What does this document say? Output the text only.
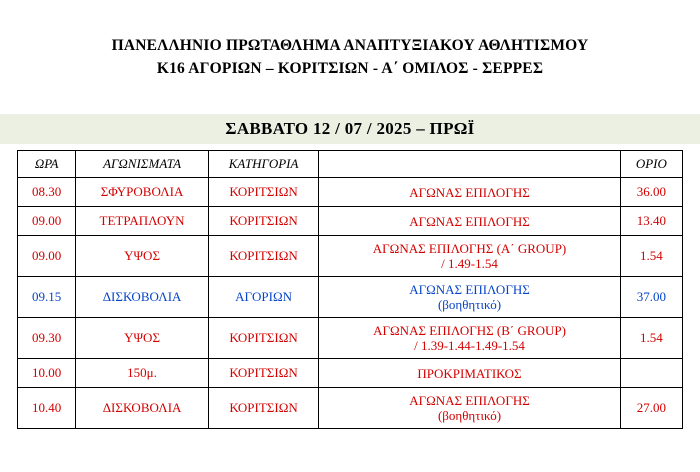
ΠΑΝΕΛΛΗΝΙΟ ΠΡΩΤΑΘΛΗΜΑ ΑΝΑΠΤΥΞΙΑΚΟΥ ΑΘΛΗΤΙΣΜΟΥ
Κ16 ΑΓΟΡΙΩΝ – ΚΟΡΙΤΣΙΩΝ - Α΄ ΟΜΙΛΟΣ - ΣΕΡΡΕΣ
ΣΑΒΒΑΤΟ 12 / 07 / 2025 – ΠΡΩΪ
ΩΡΑ	ΑΓΩΝΙΣΜΑΤΑ	ΚΑΤΗΓΟΡΙΑ		ΟΡΙΟ
08.30	ΣΦΥΡΟΒΟΛΙΑ	ΚΟΡΙΤΣΙΩΝ	ΑΓΩΝΑΣ ΕΠΙΛΟΓΗΣ	36.00
09.00	ΤΕΤΡΑΠΛΟΥΝ	ΚΟΡΙΤΣΙΩΝ	ΑΓΩΝΑΣ ΕΠΙΛΟΓΗΣ	13.40
09.00	ΥΨΟΣ	ΚΟΡΙΤΣΙΩΝ	ΑΓΩΝΑΣ ΕΠΙΛΟΓΗΣ (Α΄ GROUP)
/ 1.49-1.54	1.54
09.15	ΔΙΣΚΟΒΟΛΙΑ	ΑΓΟΡΙΩΝ	ΑΓΩΝΑΣ ΕΠΙΛΟΓΗΣ
(βοηθητικό)	37.00
09.30	ΥΨΟΣ	ΚΟΡΙΤΣΙΩΝ	ΑΓΩΝΑΣ ΕΠΙΛΟΓΗΣ (Β΄ GROUP)
/ 1.39-1.44-1.49-1.54	1.54
10.00	150μ.	ΚΟΡΙΤΣΙΩΝ	ΠΡΟΚΡΙΜΑΤΙΚΟΣ	

10.40	ΔΙΣΚΟΒΟΛΙΑ	ΚΟΡΙΤΣΙΩΝ	ΑΓΩΝΑΣ ΕΠΙΛΟΓΗΣ
(βοηθητικό)	27.00
